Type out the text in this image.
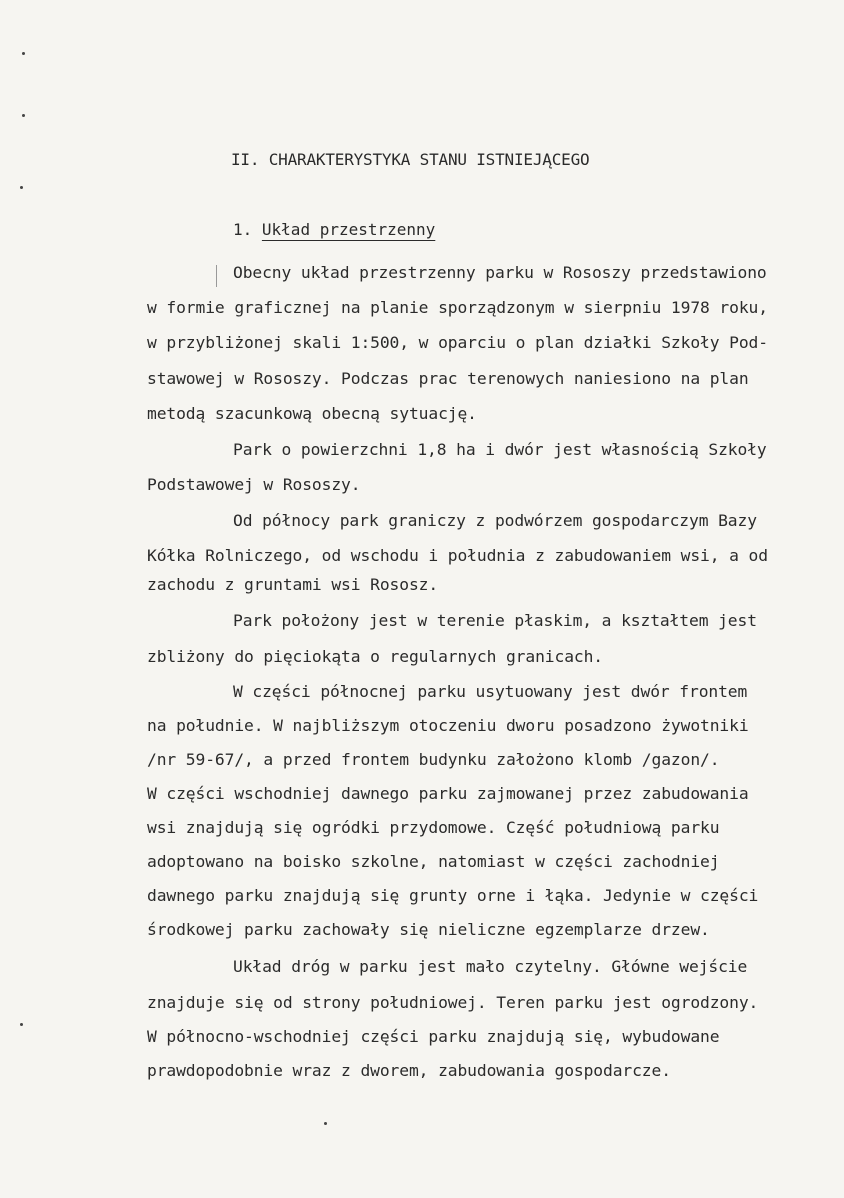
II. CHARAKTERYSTYKA STANU ISTNIEJĄCEGO
1. Układ przestrzenny
Obecny układ przestrzenny parku w Rososzy przedstawiono
w formie graficznej na planie sporządzonym w sierpniu 1978 roku,
w przybliżonej skali 1:500, w oparciu o plan działki Szkoły Pod-
stawowej w Rososzy. Podczas prac terenowych naniesiono na plan
metodą szacunkową obecną sytuację.
Park o powierzchni 1,8 ha i dwór jest własnością Szkoły
Podstawowej w Rososzy.
Od północy park graniczy z podwórzem gospodarczym Bazy
Kółka Rolniczego, od wschodu i południa z zabudowaniem wsi, a od
zachodu z gruntami wsi Rososz.
Park położony jest w terenie płaskim, a kształtem jest
zbliżony do pięciokąta o regularnych granicach.
W części północnej parku usytuowany jest dwór frontem
na południe. W najbliższym otoczeniu dworu posadzono żywotniki
/nr 59-67/, a przed frontem budynku założono klomb /gazon/.
W części wschodniej dawnego parku zajmowanej przez zabudowania
wsi znajdują się ogródki przydomowe. Część południową parku
adoptowano na boisko szkolne, natomiast w części zachodniej
dawnego parku znajdują się grunty orne i łąka. Jedynie w części
środkowej parku zachowały się nieliczne egzemplarze drzew.
Układ dróg w parku jest mało czytelny. Główne wejście
znajduje się od strony południowej. Teren parku jest ogrodzony.
W północno-wschodniej części parku znajdują się, wybudowane
prawdopodobnie wraz z dworem, zabudowania gospodarcze.
